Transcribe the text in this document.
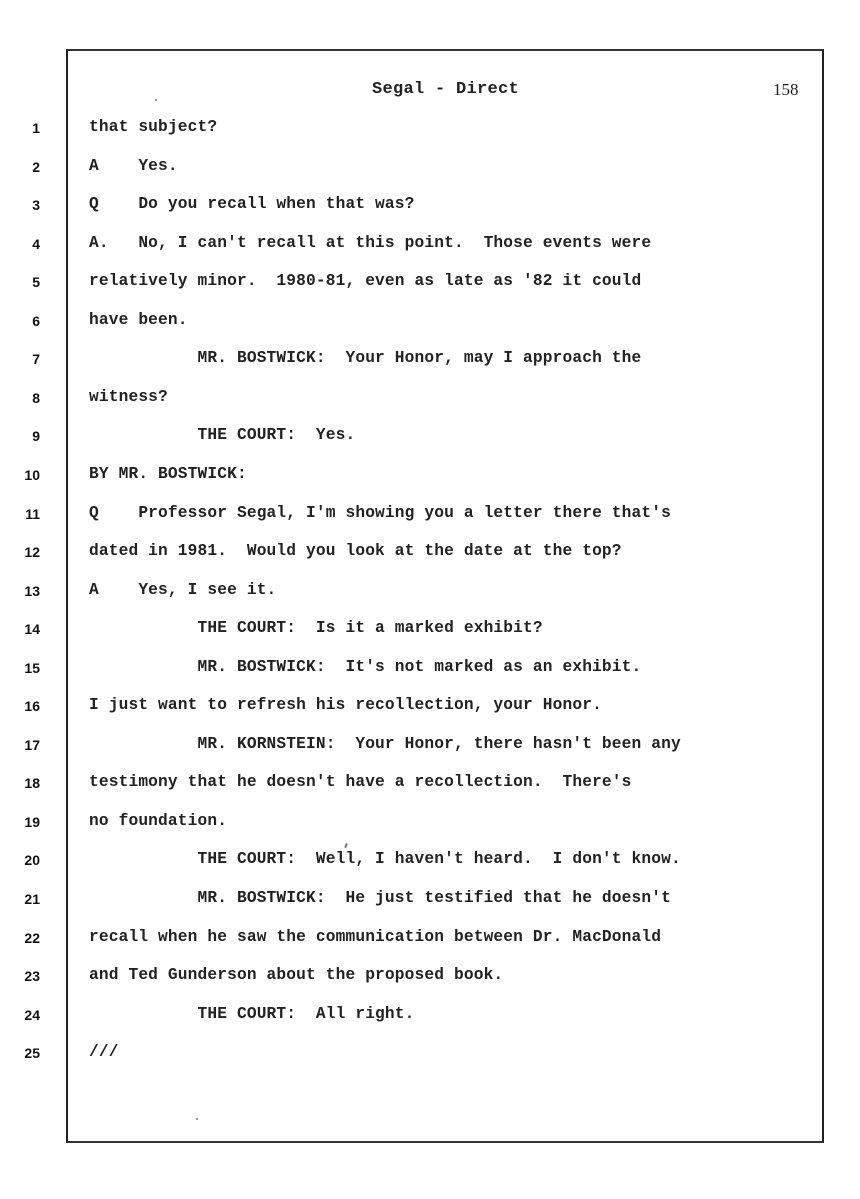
Segal - Direct	158
1	that subject?
2	A    Yes.
3	Q    Do you recall when that was?
4	A.   No, I can't recall at this point.  Those events were
5	relatively minor.  1980-81, even as late as '82 it could
6	have been.
7	MR. BOSTWICK:  Your Honor, may I approach the
8	witness?
9	THE COURT:  Yes.
10	BY MR. BOSTWICK:
11	Q    Professor Segal, I'm showing you a letter there that's
12	dated in 1981.  Would you look at the date at the top?
13	A    Yes, I see it.
14	THE COURT:  Is it a marked exhibit?
15	MR. BOSTWICK:  It's not marked as an exhibit.
16	I just want to refresh his recollection, your Honor.
17	MR. KORNSTEIN:  Your Honor, there hasn't been any
18	testimony that he doesn't have a recollection.  There's
19	no foundation.
20	THE COURT:  Well, I haven't heard.  I don't know.
21	MR. BOSTWICK:  He just testified that he doesn't
22	recall when he saw the communication between Dr. MacDonald
23	and Ted Gunderson about the proposed book.
24	THE COURT:  All right.
25	///
